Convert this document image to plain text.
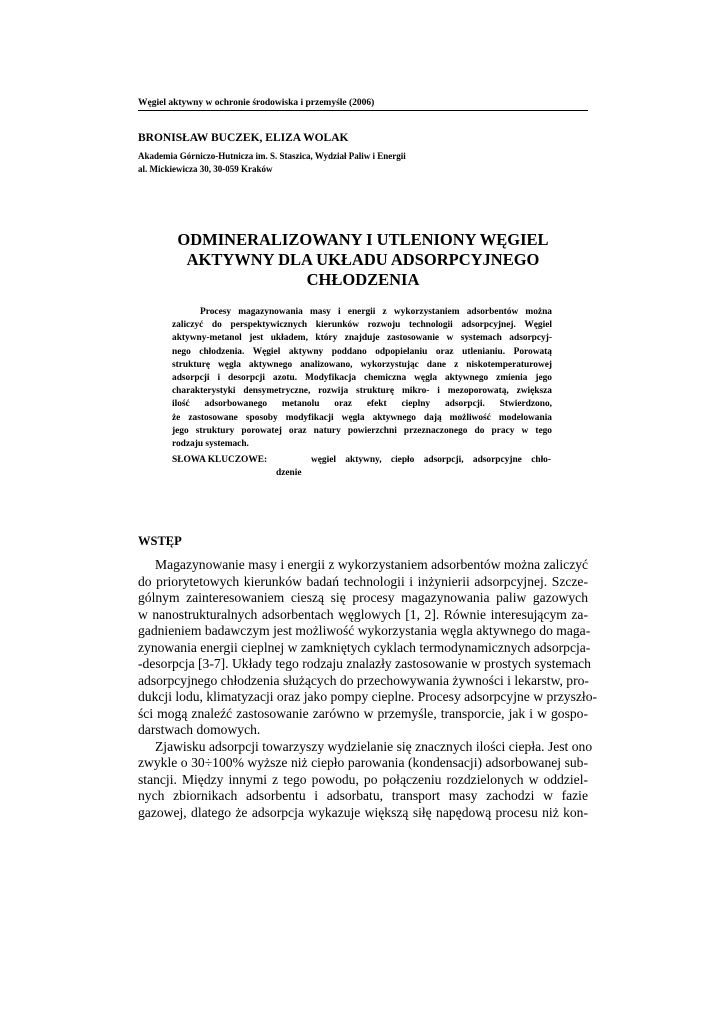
Węgiel aktywny w ochronie środowiska i przemyśle (2006)
BRONISŁAW BUCZEK, ELIZA WOLAK
Akademia Górniczo-Hutnicza im. S. Staszica, Wydział Paliw i Energii
al. Mickiewicza 30, 30-059 Kraków
ODMINERALIZOWANY I UTLENIONY WĘGIEL
AKTYWNY DLA UKŁADU ADSORPCYJNEGO
CHŁODZENIA
Procesy magazynowania masy i energii z wykorzystaniem adsorbentów można
zaliczyć do perspektywicznych kierunków rozwoju technologii adsorpcyjnej. Węgiel
aktywny-metanol jest układem, który znajduje zastosowanie w systemach adsorpcyj-
nego chłodzenia. Węgiel aktywny poddano odpopielaniu oraz utlenianiu. Porowatą
strukturę węgla aktywnego analizowano, wykorzystując dane z niskotemperaturowej
adsorpcji i desorpcji azotu. Modyfikacja chemiczna węgla aktywnego zmienia jego
charakterystyki densymetryczne, rozwija strukturę mikro- i mezoporowatą, zwiększa
ilość adsorbowanego metanolu oraz efekt cieplny adsorpcji. Stwierdzono,
że zastosowane sposoby modyfikacji węgla aktywnego dają możliwość modelowania
jego struktury porowatej oraz natury powierzchni przeznaczonego do pracy w tego
rodzaju systemach.
SŁOWA KLUCZOWE:	węgiel aktywny, ciepło adsorpcji, adsorpcyjne chło-
dzenie
WSTĘP
Magazynowanie masy i energii z wykorzystaniem adsorbentów można zaliczyć
do priorytetowych kierunków badań technologii i inżynierii adsorpcyjnej. Szcze-
gólnym zainteresowaniem cieszą się procesy magazynowania paliw gazowych
w nanostrukturalnych adsorbentach węglowych [1, 2]. Równie interesującym za-
gadnieniem badawczym jest możliwość wykorzystania węgla aktywnego do maga-
zynowania energii cieplnej w zamkniętych cyklach termodynamicznych adsorpcja-
-desorpcja [3-7]. Układy tego rodzaju znalazły zastosowanie w prostych systemach
adsorpcyjnego chłodzenia służących do przechowywania żywności i lekarstw, pro-
dukcji lodu, klimatyzacji oraz jako pompy cieplne. Procesy adsorpcyjne w przyszło-
ści mogą znaleźć zastosowanie zarówno w przemyśle, transporcie, jak i w gospo-
darstwach domowych.
Zjawisku adsorpcji towarzyszy wydzielanie się znacznych ilości ciepła. Jest ono
zwykle o 30÷100% wyższe niż ciepło parowania (kondensacji) adsorbowanej sub-
stancji. Między innymi z tego powodu, po połączeniu rozdzielonych w oddziel-
nych zbiornikach adsorbentu i adsorbatu, transport masy zachodzi w fazie
gazowej, dlatego że adsorpcja wykazuje większą siłę napędową procesu niż kon-
